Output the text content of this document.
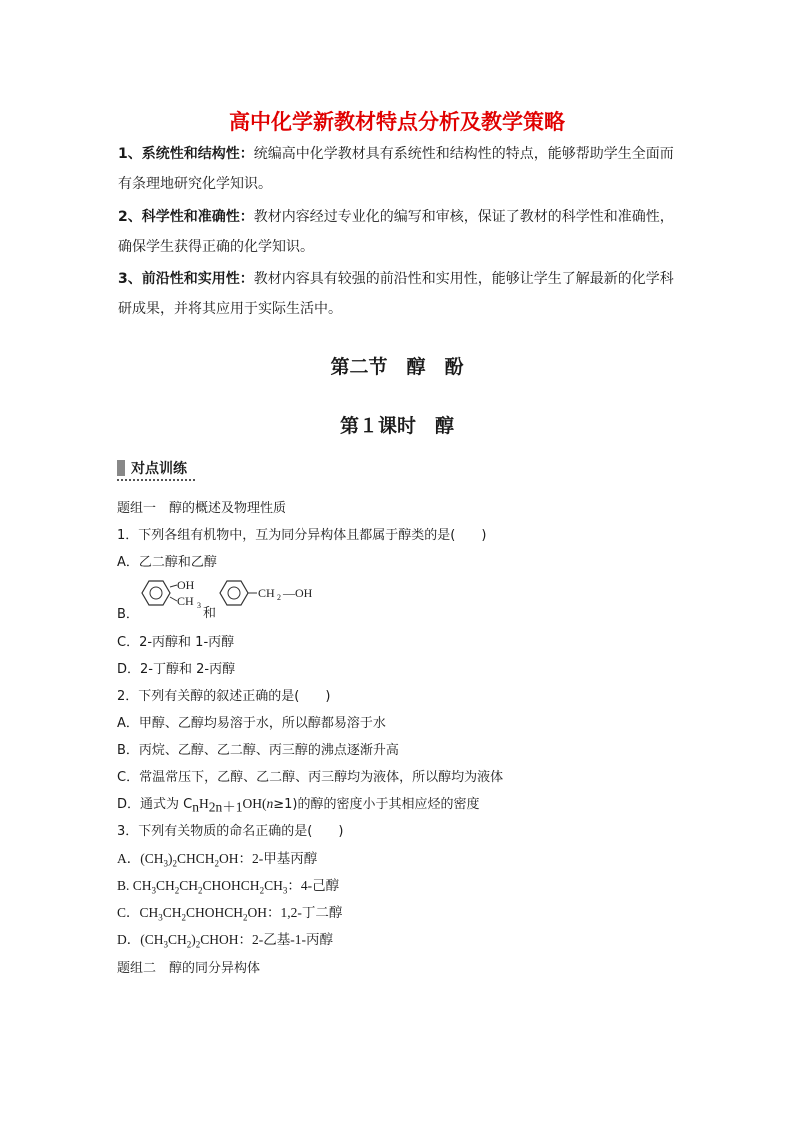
高中化学新教材特点分析及教学策略
1、系统性和结构性：统编高中化学教材具有系统性和结构性的特点，能够帮助学生全面而
有条理地研究化学知识。
2、科学性和准确性：教材内容经过专业化的编写和审核，保证了教材的科学性和准确性，
确保学生获得正确的化学知识。
3、前沿性和实用性：教材内容具有较强的前沿性和实用性，能够让学生了解最新的化学科
研成果，并将其应用于实际生活中。
第二节　醇　酚
第１课时　醇
对点训练
题组一　醇的概述及物理性质
1．下列各组有机物中，互为同分异构体且都属于醇类的是(　　)
A．乙二醇和乙醇
B．
OH
CH 3
和
CH 2 —OH
C．2-丙醇和 1-丙醇
D．2-丁醇和 2-丙醇
2．下列有关醇的叙述正确的是(　　)
A．甲醇、乙醇均易溶于水，所以醇都易溶于水
B．丙烷、乙醇、乙二醇、丙三醇的沸点逐渐升高
C．常温常压下，乙醇、乙二醇、丙三醇均为液体，所以醇均为液体
D．通式为 $C_nH_{2n+1}OH(n\ge 1)$的醇的密度小于其相应烃的密度
3．下列有关物质的命名正确的是(　　)
A．$(CH_3)_2CHCH_2OH$：2-甲基丙醇
B. $CH_3CH_2CH_2CHOHCH_2CH_3$：4-己醇
C．$CH_3CH_2CHOHCH_2OH$：1,2-丁二醇
D．$(CH_3CH_2)_2CHOH$：2-乙基-1-丙醇
题组二　醇的同分异构体
